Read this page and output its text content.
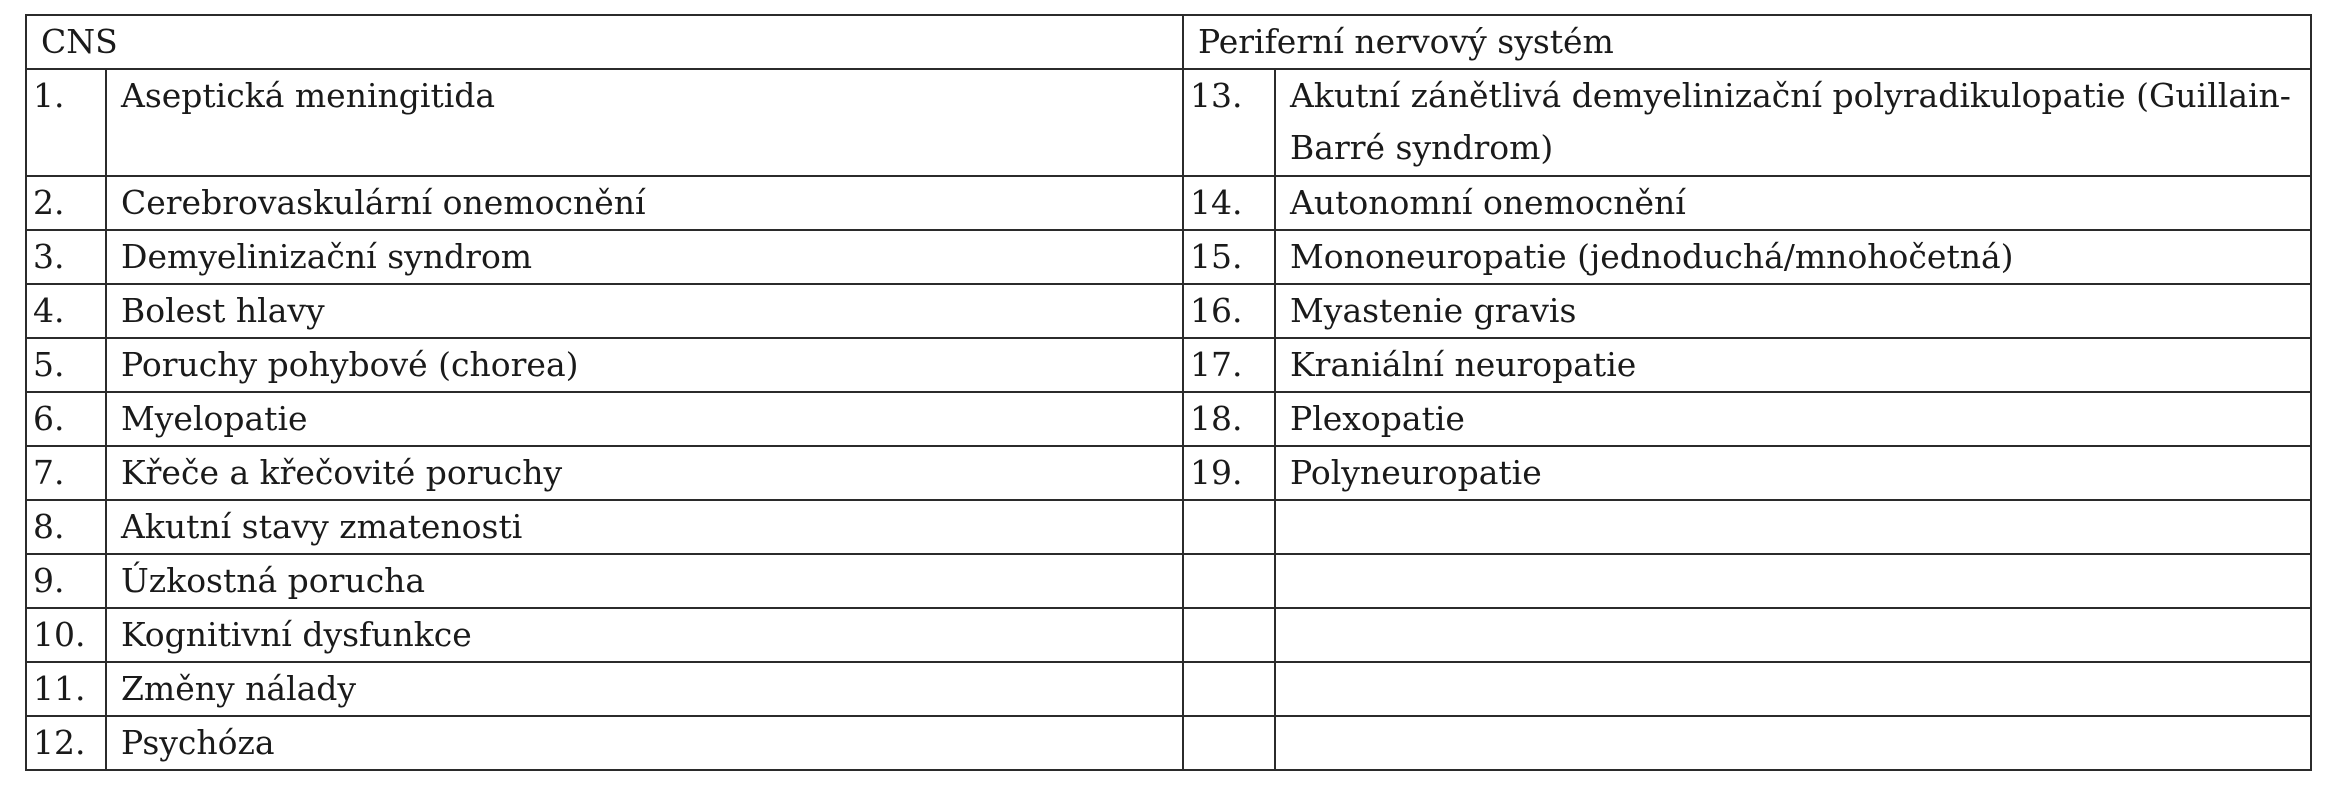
CNS		Periferní nervový systém	
1.	Aseptická meningitida	13.	Akutní zánětlivá demyelinizační polyradikulopatie (Guillain-Barré syndrom)
2.	Cerebrovaskulární onemocnění	14.	Autonomní onemocnění
3.	Demyelinizační syndrom	15.	Mononeuropatie (jednoduchá/mnohočetná)
4.	Bolest hlavy	16.	Myastenie gravis
5.	Poruchy pohybové (chorea)	17.	Kraniální neuropatie
6.	Myelopatie	18.	Plexopatie
7.	Křeče a křečovité poruchy	19.	Polyneuropatie
8.	Akutní stavy zmatenosti		
9.	Úzkostná porucha		
10.	Kognitivní dysfunkce		
11.	Změny nálady		
12.	Psychóza		
